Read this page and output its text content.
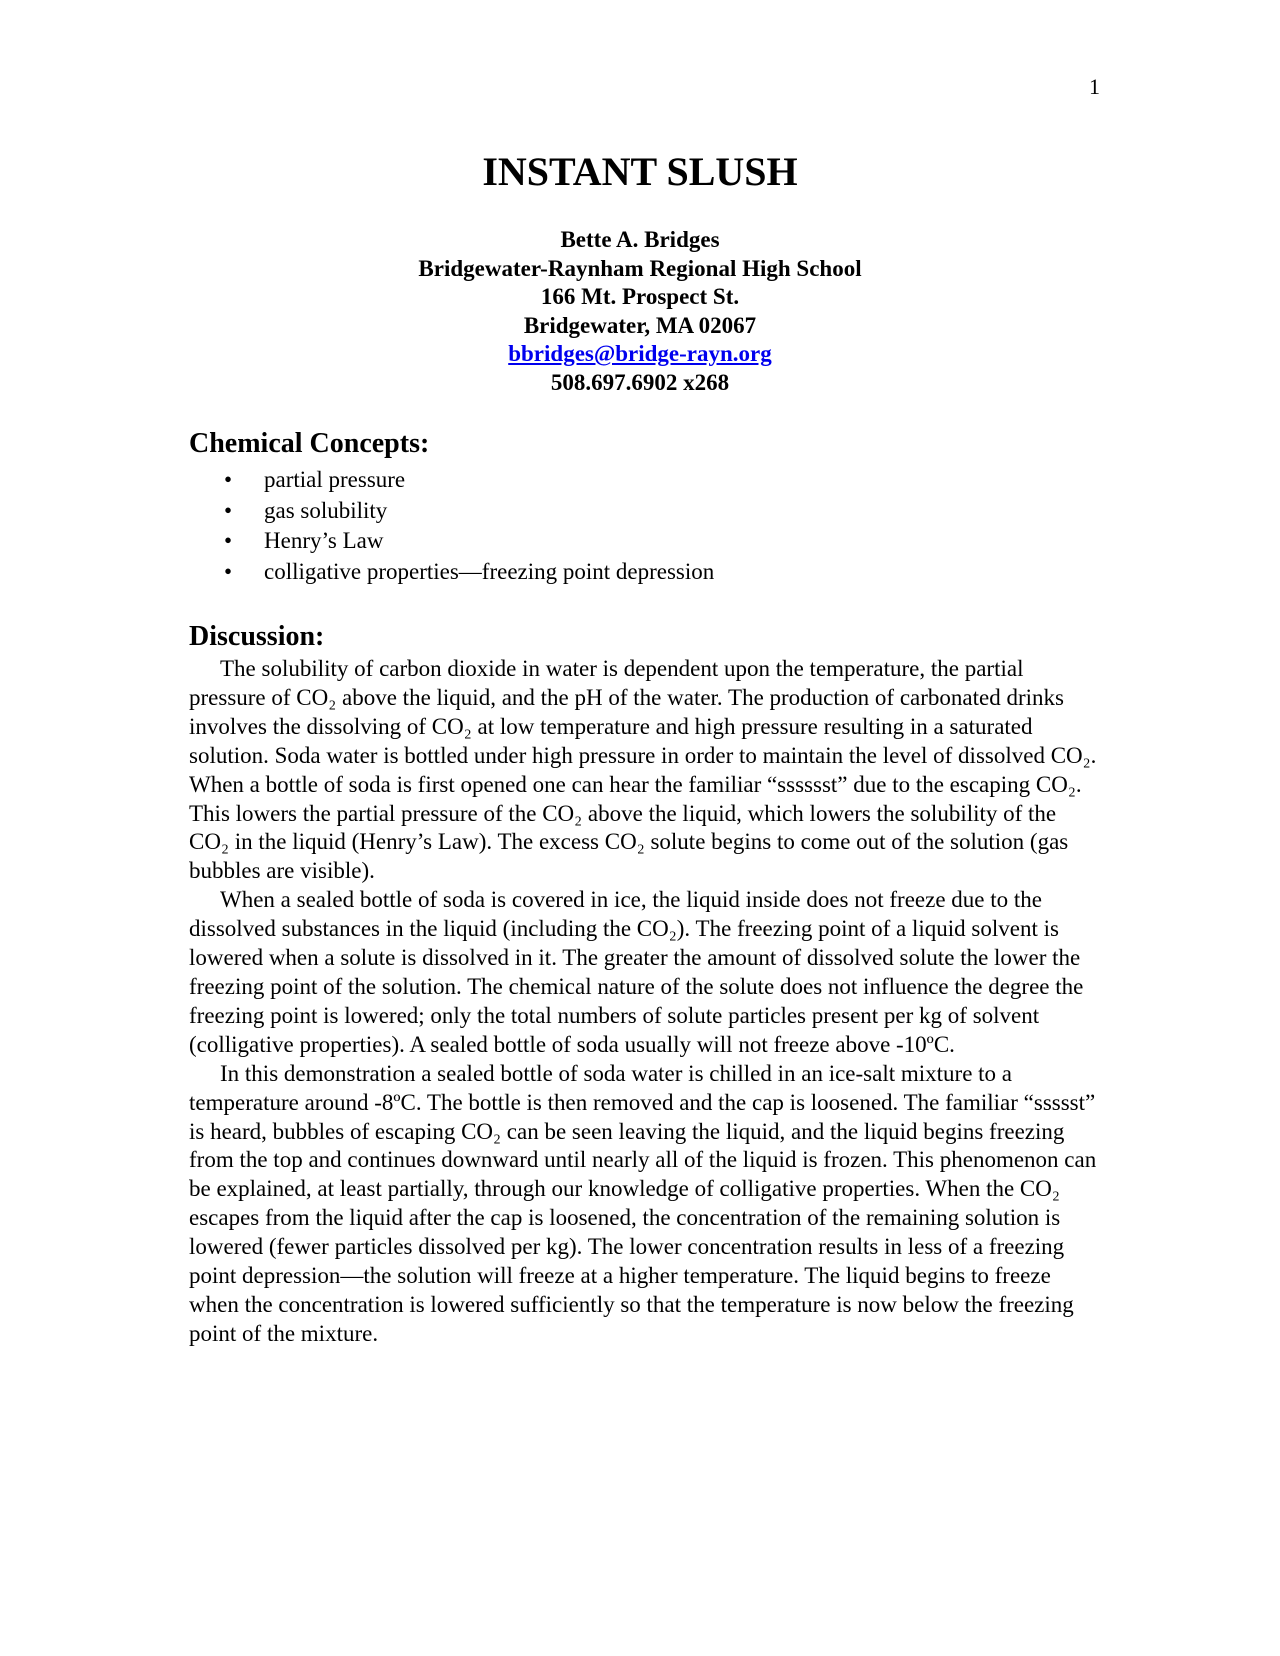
1
INSTANT SLUSH
Bette A. Bridges
Bridgewater-Raynham Regional High School
166 Mt. Prospect St.
Bridgewater, MA 02067
bbridges@bridge-rayn.org
508.697.6902 x268
Chemical Concepts:
• partial pressure
• gas solubility
• Henry’s Law
• colligative properties—freezing point depression
Discussion:

The solubility of carbon dioxide in water is dependent upon the temperature, the partial pressure of CO₂ above the liquid, and the pH of the water. The production of carbonated drinks involves the dissolving of CO₂ at low temperature and high pressure resulting in a saturated solution. Soda water is bottled under high pressure in order to maintain the level of dissolved CO₂. When a bottle of soda is first opened one can hear the familiar “sssssst” due to the escaping CO₂. This lowers the partial pressure of the CO₂ above the liquid, which lowers the solubility of the CO₂ in the liquid (Henry’s Law). The excess CO₂ solute begins to come out of the solution (gas bubbles are visible).

When a sealed bottle of soda is covered in ice, the liquid inside does not freeze due to the dissolved substances in the liquid (including the CO₂). The freezing point of a liquid solvent is lowered when a solute is dissolved in it. The greater the amount of dissolved solute the lower the freezing point of the solution. The chemical nature of the solute does not influence the degree the freezing point is lowered; only the total numbers of solute particles present per kg of solvent (colligative properties). A sealed bottle of soda usually will not freeze above -10ºC.

In this demonstration a sealed bottle of soda water is chilled in an ice-salt mixture to a temperature around -8ºC. The bottle is then removed and the cap is loosened. The familiar “ssssst” is heard, bubbles of escaping CO₂ can be seen leaving the liquid, and the liquid begins freezing from the top and continues downward until nearly all of the liquid is frozen. This phenomenon can be explained, at least partially, through our knowledge of colligative properties. When the CO₂ escapes from the liquid after the cap is loosened, the concentration of the remaining solution is lowered (fewer particles dissolved per kg). The lower concentration results in less of a freezing point depression—the solution will freeze at a higher temperature. The liquid begins to freeze when the concentration is lowered sufficiently so that the temperature is now below the freezing point of the mixture.
